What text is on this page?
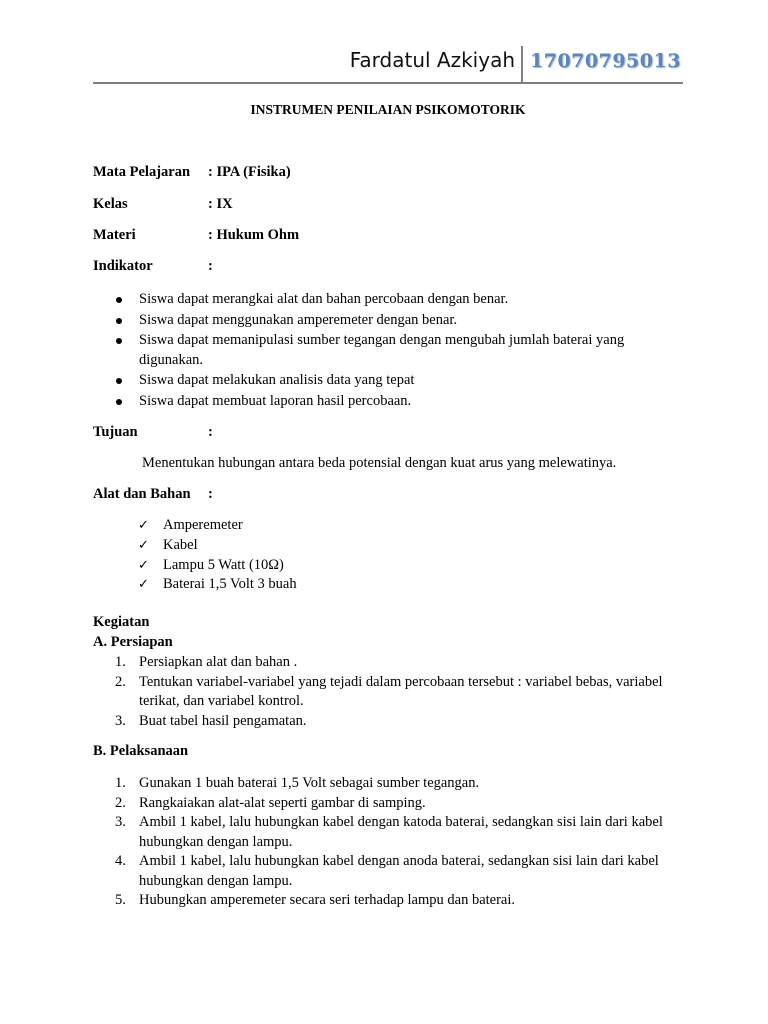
Fardatul Azkiyah 17070795013
INSTRUMEN PENILAIAN PSIKOMOTORIK
Mata Pelajaran : IPA (Fisika)
Kelas	: IX
Materi	: Hukum Ohm
Indikator	:
Siswa dapat merangkai alat dan bahan percobaan dengan benar.
Siswa dapat menggunakan amperemeter dengan benar.
Siswa dapat memanipulasi sumber tegangan dengan mengubah jumlah baterai yang digunakan.
Siswa dapat melakukan analisis data yang tepat
Siswa dapat membuat laporan hasil percobaan.
Tujuan	:
Menentukan hubungan antara beda potensial dengan kuat arus yang melewatinya.
Alat dan Bahan :
✓ Amperemeter
✓ Kabel
✓ Lampu 5 Watt (10Ω)
✓ Baterai 1,5 Volt 3 buah
Kegiatan
A. Persiapan
1. Persiapkan alat dan bahan .
2. Tentukan variabel-variabel yang tejadi dalam percobaan tersebut : variabel bebas, variabel terikat, dan variabel kontrol.
3. Buat tabel hasil pengamatan.
B. Pelaksanaan
1. Gunakan 1 buah baterai 1,5 Volt sebagai sumber tegangan.
2. Rangkaiakan alat-alat seperti gambar di samping.
3. Ambil 1 kabel, lalu hubungkan kabel dengan katoda baterai, sedangkan sisi lain dari kabel hubungkan dengan lampu.
4. Ambil 1 kabel, lalu hubungkan kabel dengan anoda baterai, sedangkan sisi lain dari kabel hubungkan dengan lampu.
5. Hubungkan amperemeter secara seri terhadap lampu dan baterai.
